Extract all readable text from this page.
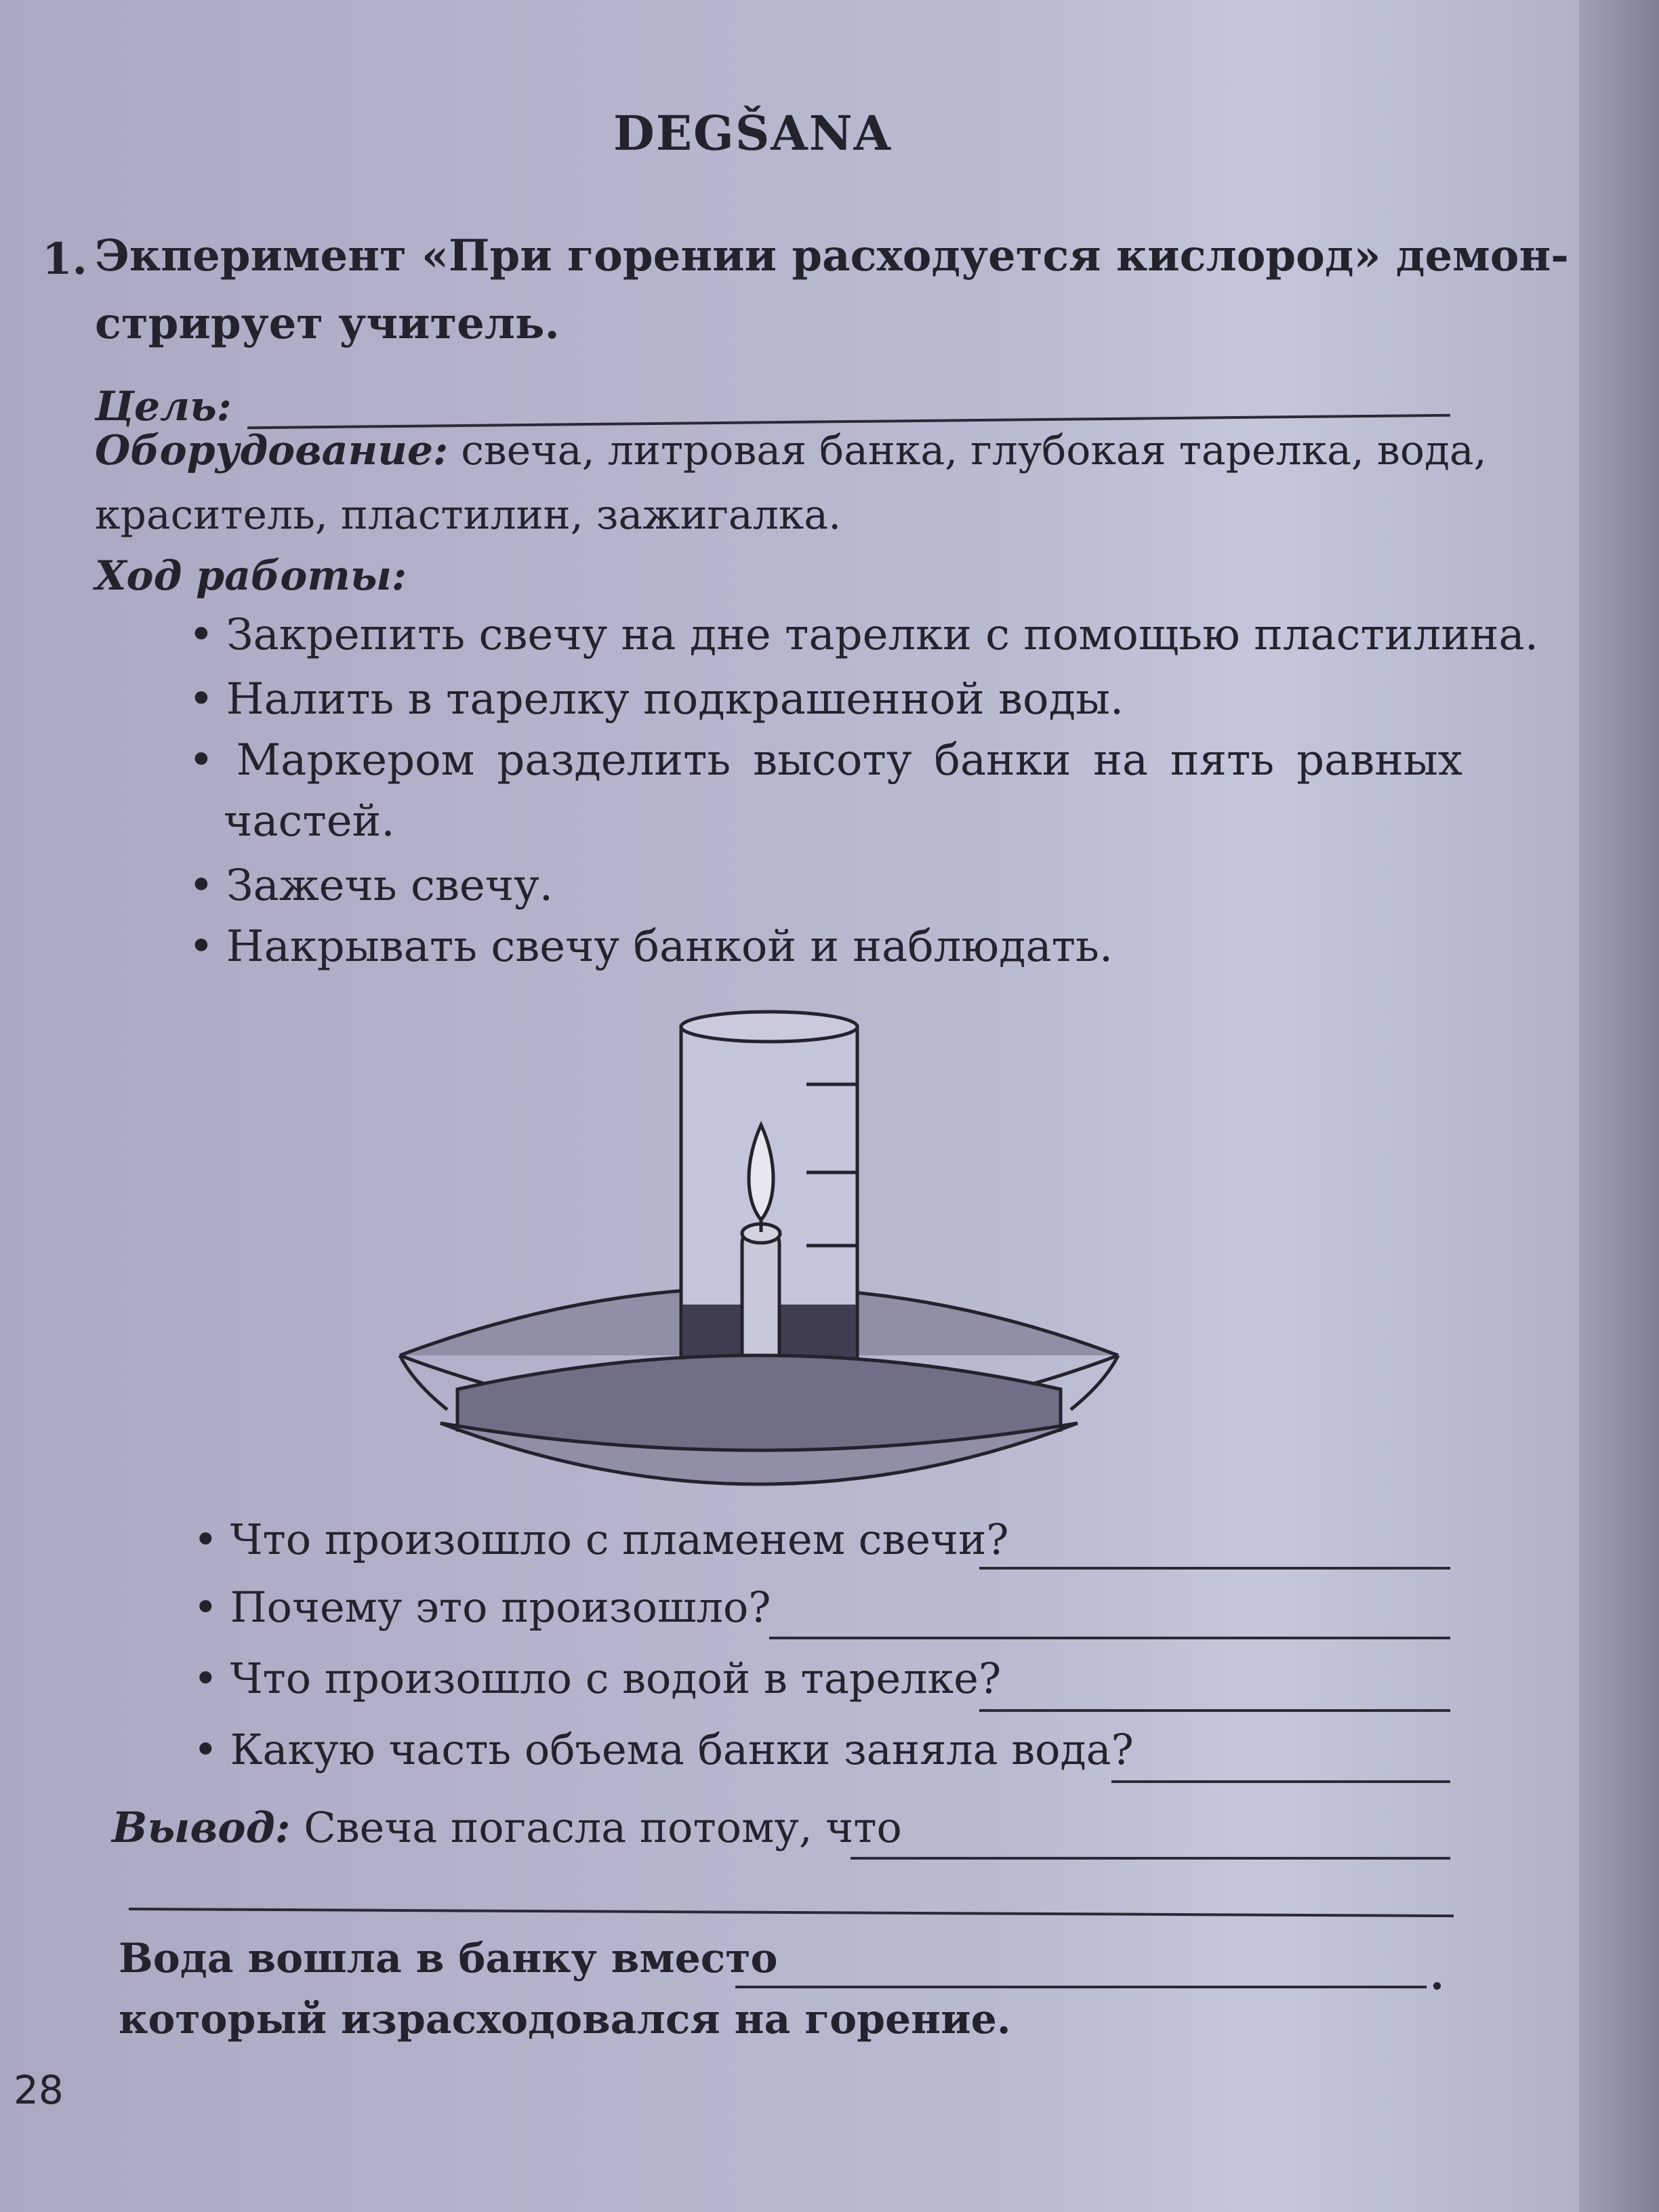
DEGŠANA
1. Экперимент «При горении расходуется кислород» демон-
стрирует учитель.
Цель:
Оборудование: свеча, литровая банка, глубокая тарелка, вода,
краситель, пластилин, зажигалка.
Ход работы:
• Закрепить свечу на дне тарелки с помощью пластилина.
• Налить в тарелку подкрашенной воды.
• Маркером разделить высоту банки на пять равных
частей.
• Зажечь свечу.
• Накрывать свечу банкой и наблюдать.
• Что произошло с пламенем свечи?
• Почему это произошло?
• Что произошло с водой в тарелке?
• Какую часть объема банки заняла вода?
Вывод: Свеча погасла потому, что
Вода вошла в банку вместо	.
который израсходовался на горение.
28
